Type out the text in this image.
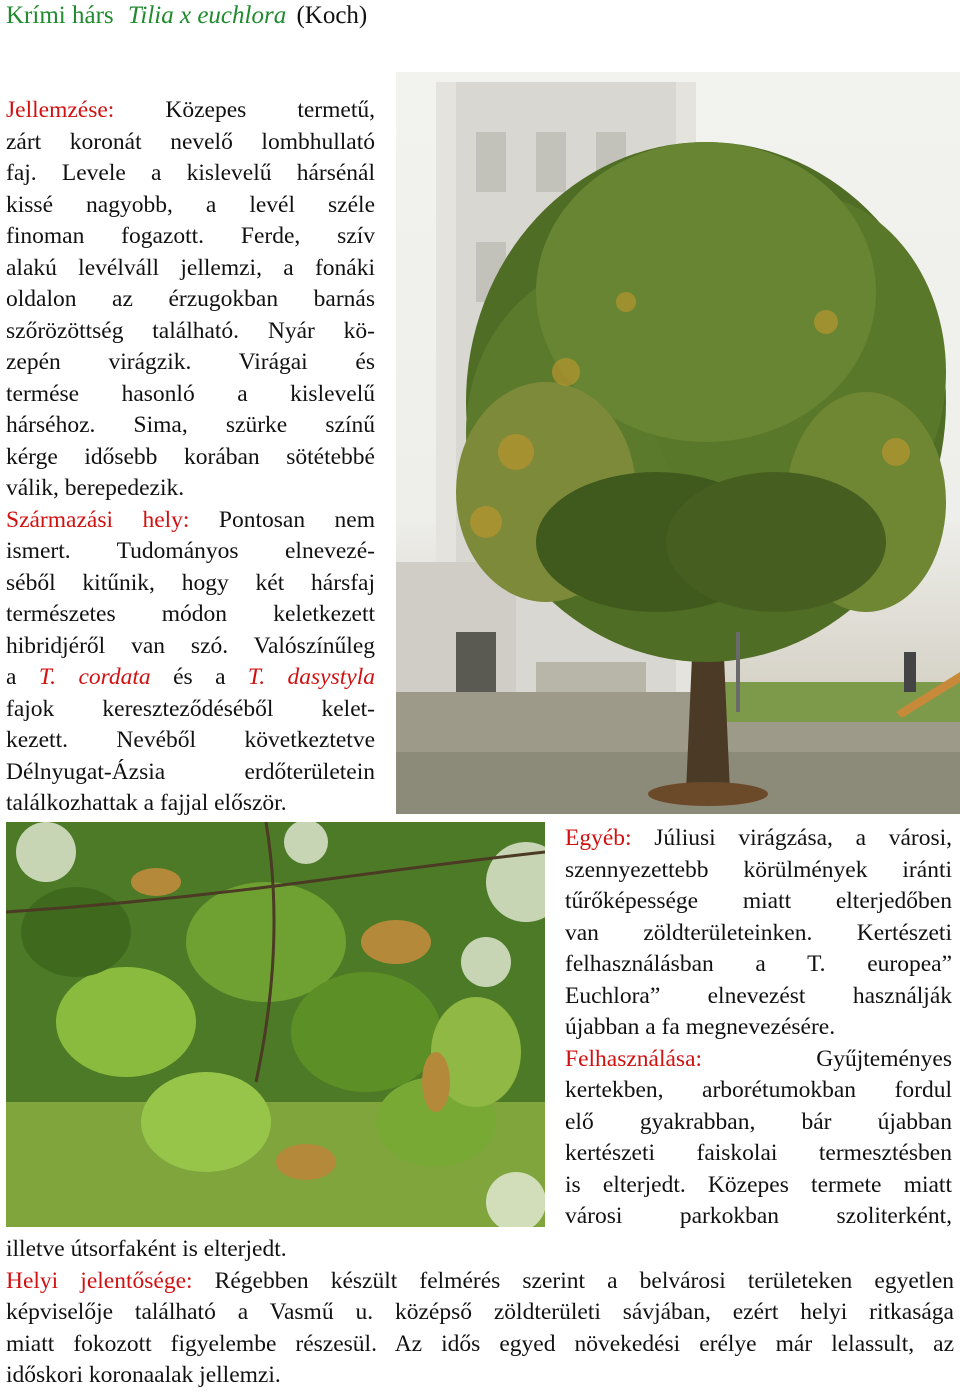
Krími hárs Tilia x euchlora (Koch)
Jellemzése: Közepes termetű,
zárt koronát nevelő lombhullató
faj. Levele a kislevelű hársénál
kissé nagyobb, a levél széle
finoman fogazott. Ferde, szív
alakú levélváll jellemzi, a fonáki
oldalon az érzugokban barnás
szőrözöttség található. Nyár kö-
zepén virágzik. Virágai és
termése hasonló a kislevelű
hárséhoz. Sima, szürke színű
kérge idősebb korában sötétebbé
válik, berepedezik.
Származási hely: Pontosan nem
ismert. Tudományos elnevezé-
séből kitűnik, hogy két hársfaj
természetes módon keletkezett
hibridjéről van szó. Valószínűleg
a T. cordata és a T. dasystyla
fajok kereszteződéséből kelet-
kezett. Nevéből következtetve
Délnyugat-Ázsia erdőterületein
találkozhattak a fajjal először.
Egyéb: Júliusi virágzása, a városi,
szennyezettebb körülmények iránti
tűrőképessége miatt elterjedőben
van zöldterületeinken. Kertészeti
felhasználásban a T. europea”
Euchlora” elnevezést használják
újabban a fa megnevezésére.
Felhasználása:	Gyűjteményes
kertekben, arborétumokban fordul
elő gyakrabban, bár újabban
kertészeti faiskolai termesztésben
is elterjedt. Közepes termete miatt
városi parkokban szoliterként,
illetve útsorfaként is elterjedt.
Helyi jelentősége: Régebben készült felmérés szerint a belvárosi területeken egyetlen
képviselője található a Vasmű u. középső zöldterületi sávjában, ezért helyi ritkasága
miatt fokozott figyelembe részesül. Az idős egyed növekedési erélye már lelassult, az
időskori koronaalak jellemzi.
